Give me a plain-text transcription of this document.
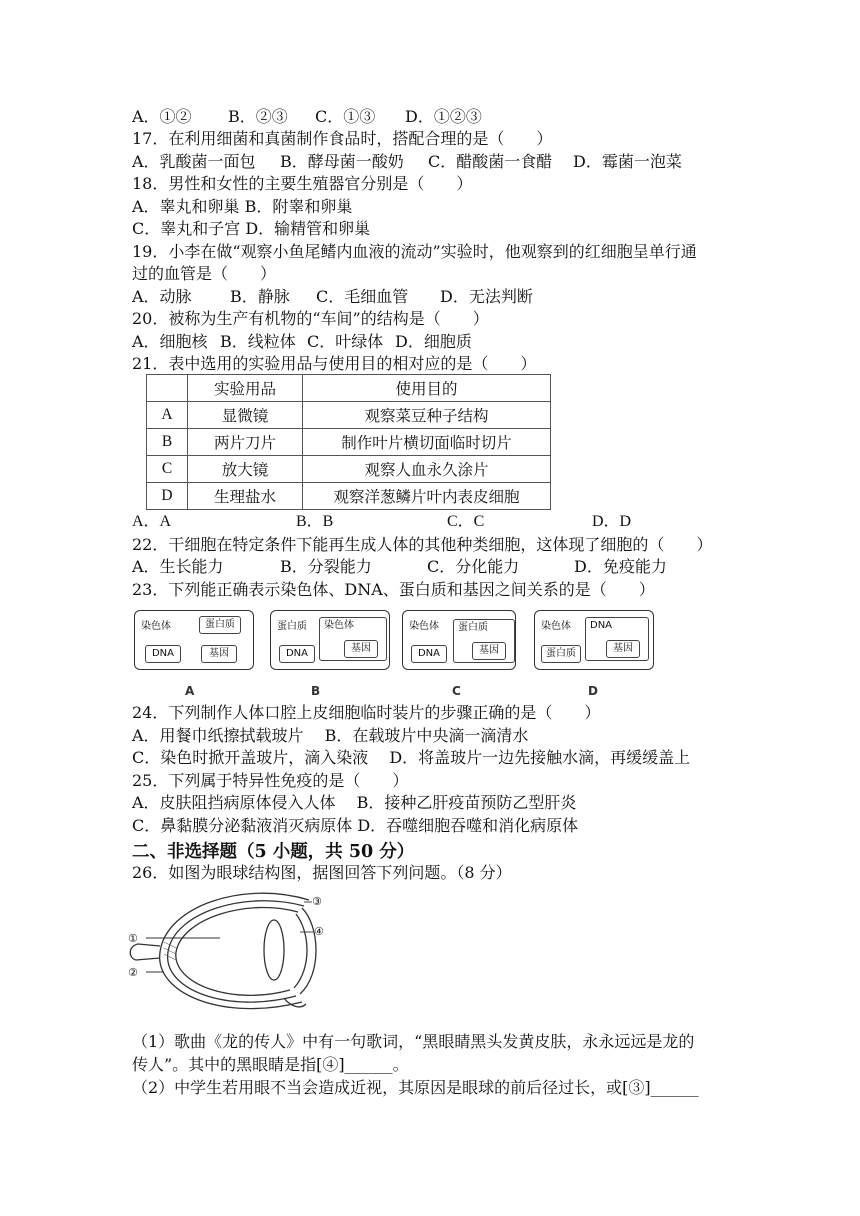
A．①② B．②③ C．①③ D．①②③
17．在利用细菌和真菌制作食品时，搭配合理的是（　　）
A．乳酸菌一面包 B．酵母菌一酸奶 C．醋酸菌一食醋 D．霉菌一泡菜
18．男性和女性的主要生殖器官分别是（　　）
A．睾丸和卵巢 B．附睾和卵巢
C．睾丸和子宫 D．输精管和卵巢
19．小李在做“观察小鱼尾鳍内血液的流动”实验时，他观察到的红细胞呈单行通
过的血管是（　　）
A．动脉 B．静脉 C．毛细血管 D．无法判断
20．被称为生产有机物的“车间”的结构是（　　）
A．细胞核 B．线粒体 C．叶绿体 D．细胞质
21．表中选用的实验用品与使用目的相对应的是（　　）
	实验用品	使用目的
A	显微镜	观察菜豆种子结构
B	两片刀片	制作叶片横切面临时切片
C	放大镜	观察人血永久涂片
D	生理盐水	观察洋葱鳞片叶内表皮细胞
A．A	B．B	C．C	D．D
22．干细胞在特定条件下能再生成人体的其他种类细胞，这体现了细胞的（　　）
A．生长能力	B．分裂能力	C．分化能力	D．免疫能力
23．下列能正确表示染色体、DNA、蛋白质和基因之间关系的是（　　）
染色体	蛋白质
DNA	基因
蛋白质
DNA
染色体
基因
染色体
DNA
蛋白质
基因
染色体
蛋白质
DNA
基因
A	B	C	D
24．下列制作人体口腔上皮细胞临时装片的步骤正确的是（　　）
A．用餐巾纸擦拭载玻片　 B．在载玻片中央滴一滴清水
C．染色时掀开盖玻片，滴入染液　 D．将盖玻片一边先接触水滴，再缓缓盖上
25．下列属于特异性免疫的是（　　）
A．皮肤阻挡病原体侵入人体　 B．接种乙肝疫苗预防乙型肝炎
C．鼻黏膜分泌黏液消灭病原体 D．吞噬细胞吞噬和消化病原体
二、非选择题（5 小题，共 50 分）
26．如图为眼球结构图，据图回答下列问题。（8 分）
①
②
③
④
（1）歌曲《龙的传人》中有一句歌词，“黑眼睛黑头发黄皮肤，永永远远是龙的
传人”。其中的黑眼睛是指[④]______。
（2）中学生若用眼不当会造成近视，其原因是眼球的前后径过长，或[③]______
